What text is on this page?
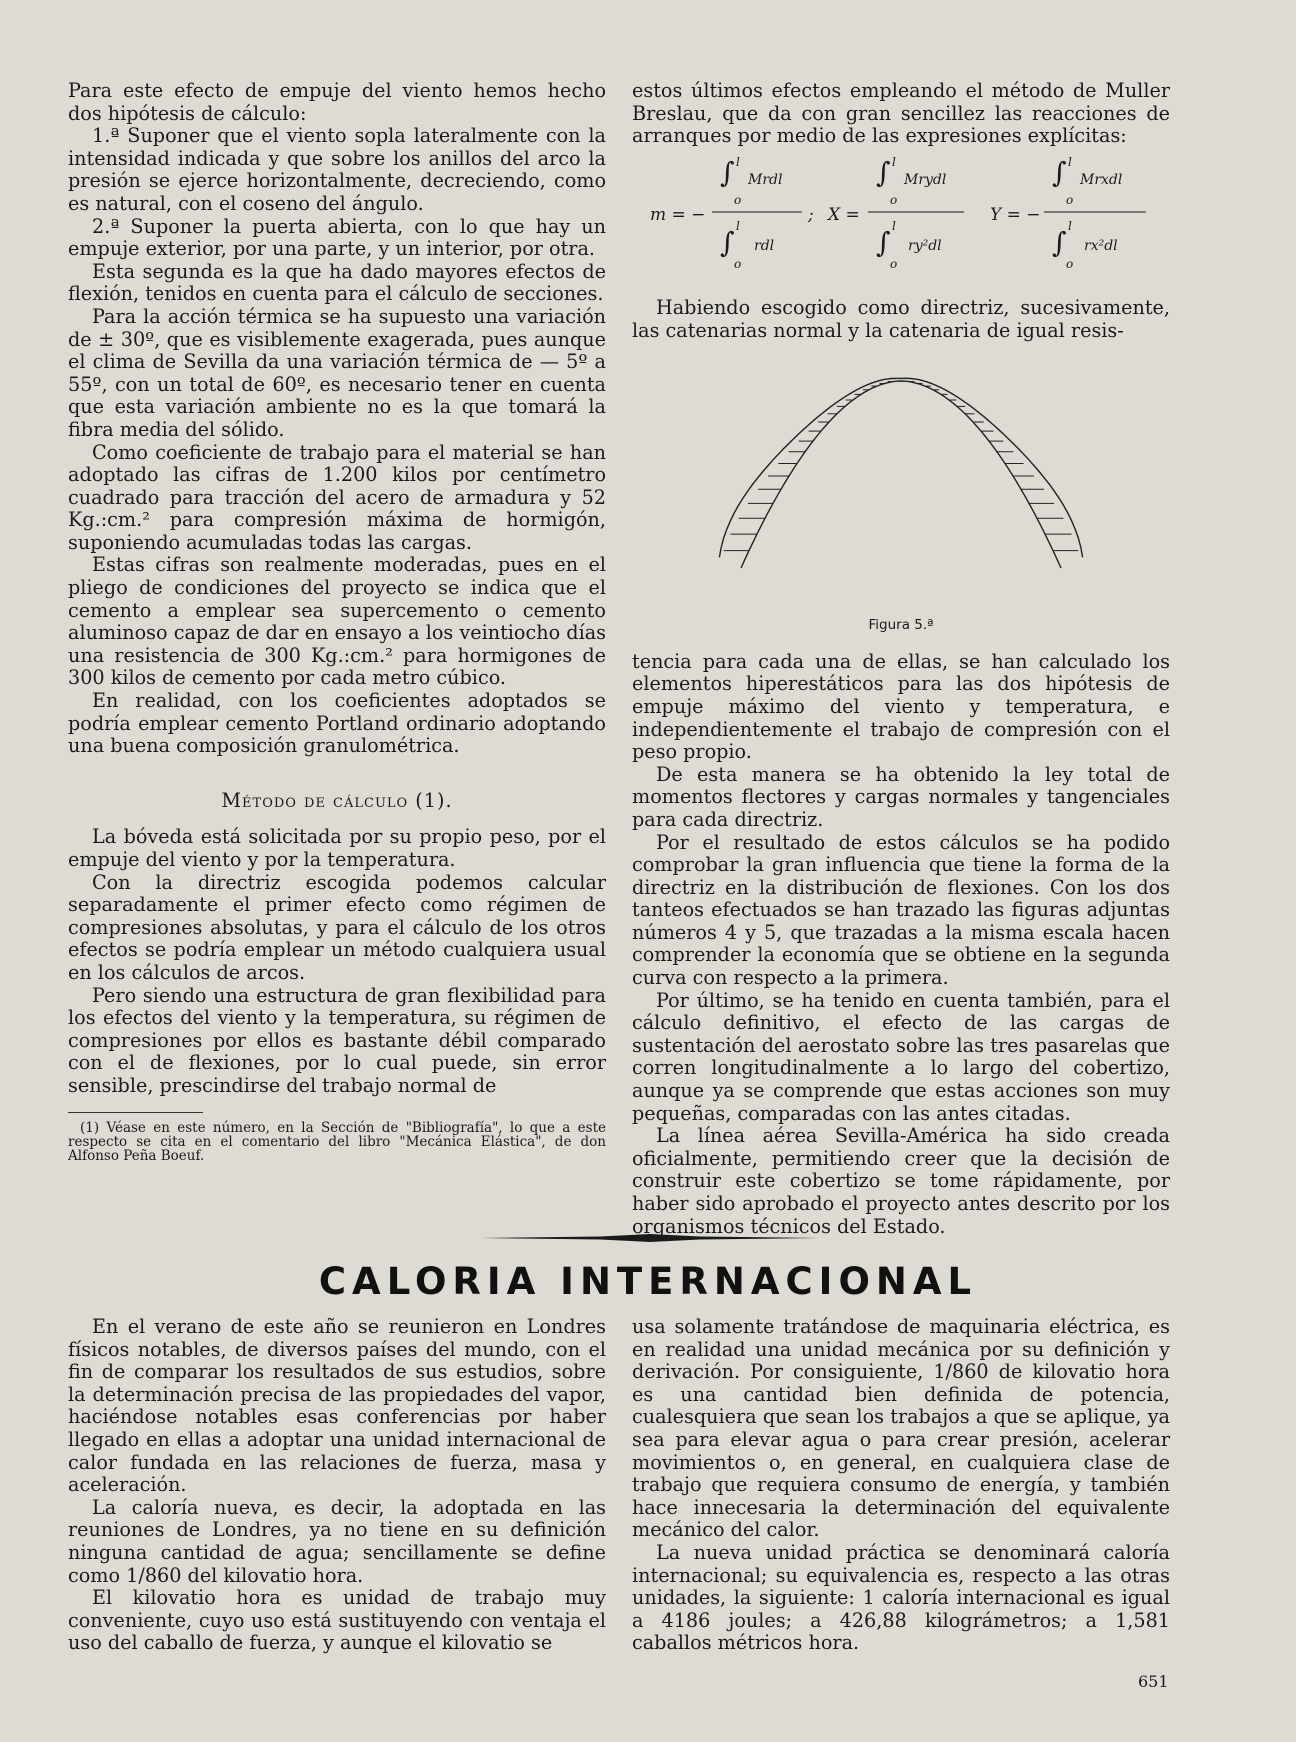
Para este efecto de empuje del viento hemos hecho dos hipótesis de cálculo:

1.ª Suponer que el viento sopla lateralmente con la intensidad indicada y que sobre los anillos del arco la presión se ejerce horizontalmente, decreciendo, como es natural, con el coseno del ángulo.

2.ª Suponer la puerta abierta, con lo que hay un empuje exterior, por una parte, y un interior, por otra.

Esta segunda es la que ha dado mayores efectos de flexión, tenidos en cuenta para el cálculo de secciones.

Para la acción térmica se ha supuesto una variación de ± 30º, que es visiblemente exagerada, pues aunque el clima de Sevilla da una variación térmica de — 5º a 55º, con un total de 60º, es necesario tener en cuenta que esta variación ambiente no es la que tomará la fibra media del sólido.

Como coeficiente de trabajo para el material se han adoptado las cifras de 1.200 kilos por centímetro cuadrado para tracción del acero de armadura y 52 Kg.:cm.² para compresión máxima de hormigón, suponiendo acumuladas todas las cargas.

Estas cifras son realmente moderadas, pues en el pliego de condiciones del proyecto se indica que el cemento a emplear sea supercemento o cemento aluminoso capaz de dar en ensayo a los veintiocho días una resistencia de 300 Kg.:cm.² para hormigones de 300 kilos de cemento por cada metro cúbico.

En realidad, con los coeficientes adoptados se podría emplear cemento Portland ordinario adoptando una buena composición granulométrica.

Método de cálculo (1).

La bóveda está solicitada por su propio peso, por el empuje del viento y por la temperatura.

Con la directriz escogida podemos calcular separadamente el primer efecto como régimen de compresiones absolutas, y para el cálculo de los otros efectos se podría emplear un método cualquiera usual en los cálculos de arcos.

Pero siendo una estructura de gran flexibilidad para los efectos del viento y la temperatura, su régimen de compresiones por ellos es bastante débil comparado con el de flexiones, por lo cual puede, sin error sensible, prescindirse del trabajo normal de

(1) Véase en este número, en la Sección de "Bibliografía", lo que a este respecto se cita en el comentario del libro "Mecánica Elástica", de don Alfonso Peña Boeuf.

estos últimos efectos empleando el método de Muller Breslau, que da con gran sencillez las reacciones de arranques por medio de las expresiones explícitas:

m = −
∫ l
o
Mrdl
∫ l
o
rdl
; X =
∫ l
o
Mrydl
∫ l
o
ry²dl
Y = −
∫ l
o
Mrxdl
∫ l
o
rx²dl

Habiendo escogido como directriz, sucesivamente, las catenarias normal y la catenaria de igual resis-

Figura 5.ª

tencia para cada una de ellas, se han calculado los elementos hiperestáticos para las dos hipótesis de empuje máximo del viento y temperatura, e independientemente el trabajo de compresión con el peso propio.

De esta manera se ha obtenido la ley total de momentos flectores y cargas normales y tangenciales para cada directriz.

Por el resultado de estos cálculos se ha podido comprobar la gran influencia que tiene la forma de la directriz en la distribución de flexiones. Con los dos tanteos efectuados se han trazado las figuras adjuntas números 4 y 5, que trazadas a la misma escala hacen comprender la economía que se obtiene en la segunda curva con respecto a la primera.

Por último, se ha tenido en cuenta también, para el cálculo definitivo, el efecto de las cargas de sustentación del aerostato sobre las tres pasarelas que corren longitudinalmente a lo largo del cobertizo, aunque ya se comprende que estas acciones son muy pequeñas, comparadas con las antes citadas.

La línea aérea Sevilla-América ha sido creada oficialmente, permitiendo creer que la decisión de construir este cobertizo se tome rápidamente, por haber sido aprobado el proyecto antes descrito por los organismos técnicos del Estado.

CALORIA INTERNACIONAL

En el verano de este año se reunieron en Londres físicos notables, de diversos países del mundo, con el fin de comparar los resultados de sus estudios, sobre la determinación precisa de las propiedades del vapor, haciéndose notables esas conferencias por haber llegado en ellas a adoptar una unidad internacional de calor fundada en las relaciones de fuerza, masa y aceleración.

La caloría nueva, es decir, la adoptada en las reuniones de Londres, ya no tiene en su definición ninguna cantidad de agua; sencillamente se define como 1/860 del kilovatio hora.

El kilovatio hora es unidad de trabajo muy conveniente, cuyo uso está sustituyendo con ventaja el uso del caballo de fuerza, y aunque el kilovatio se

usa solamente tratándose de maquinaria eléctrica, es en realidad una unidad mecánica por su definición y derivación. Por consiguiente, 1/860 de kilovatio hora es una cantidad bien definida de potencia, cualesquiera que sean los trabajos a que se aplique, ya sea para elevar agua o para crear presión, acelerar movimientos o, en general, en cualquiera clase de trabajo que requiera consumo de energía, y también hace innecesaria la determinación del equivalente mecánico del calor.

La nueva unidad práctica se denominará caloría internacional; su equivalencia es, respecto a las otras unidades, la siguiente: 1 caloría internacional es igual a 4186 joules; a 426,88 kilográmetros; a 1,581 caballos métricos hora.

651
